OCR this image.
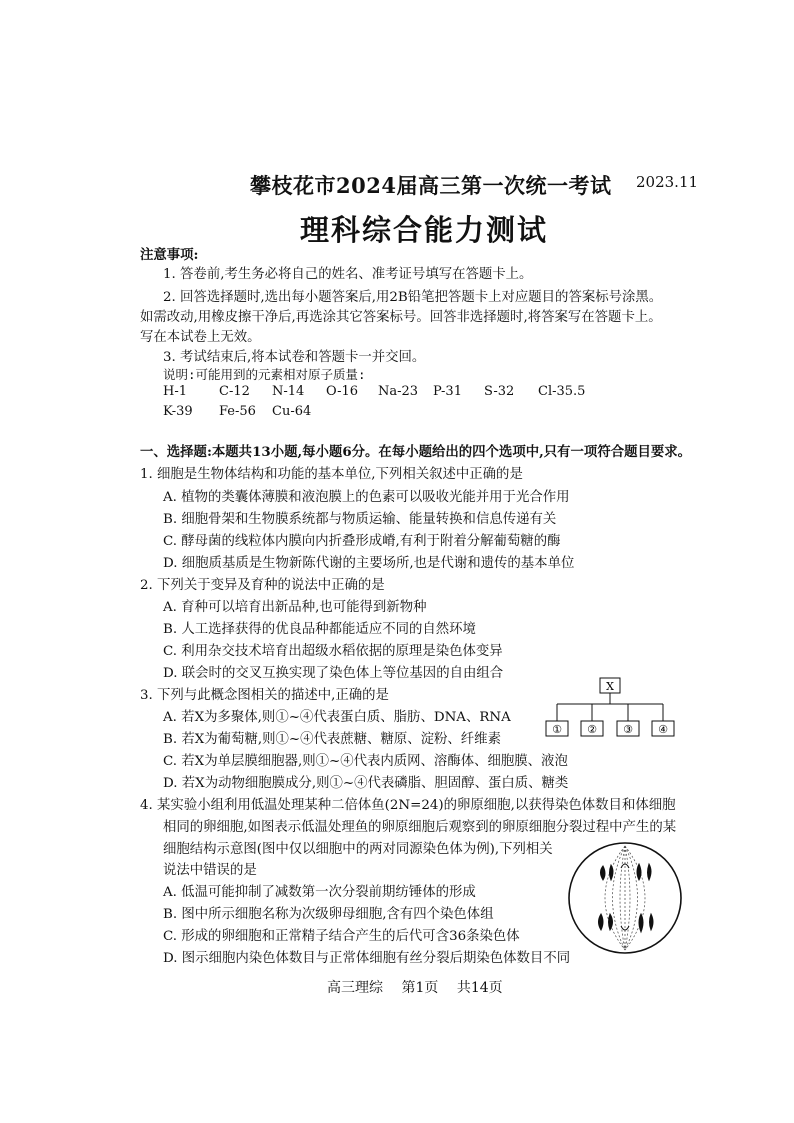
攀枝花市2024届高三第一次统一考试 2023.11
理科综合能力测试
注意事项:
1. 答卷前,考生务必将自己的姓名、准考证号填写在答题卡上。
2. 回答选择题时,选出每小题答案后,用2B铅笔把答题卡上对应题目的答案标号涂黑。
如需改动,用橡皮擦干净后,再选涂其它答案标号。回答非选择题时,将答案写在答题卡上。
写在本试卷上无效。
3. 考试结束后,将本试卷和答题卡一并交回。
说明:可能用到的元素相对原子质量:
H-1 C-12 N-14 O-16 Na-23 P-31 S-32 Cl-35.5
K-39 Fe-56 Cu-64
一、选择题:本题共13小题,每小题6分。在每小题给出的四个选项中,只有一项符合题目要求。
1. 细胞是生物体结构和功能的基本单位,下列相关叙述中正确的是
A. 植物的类囊体薄膜和液泡膜上的色素可以吸收光能并用于光合作用
B. 细胞骨架和生物膜系统都与物质运输、能量转换和信息传递有关
C. 酵母菌的线粒体内膜向内折叠形成嵴,有利于附着分解葡萄糖的酶
D. 细胞质基质是生物新陈代谢的主要场所,也是代谢和遗传的基本单位
2. 下列关于变异及育种的说法中正确的是
A. 育种可以培育出新品种,也可能得到新物种
B. 人工选择获得的优良品种都能适应不同的自然环境
C. 利用杂交技术培育出超级水稻依据的原理是染色体变异
D. 联会时的交叉互换实现了染色体上等位基因的自由组合
3. 下列与此概念图相关的描述中,正确的是
A. 若X为多聚体,则①~④代表蛋白质、脂肪、DNA、RNA
B. 若X为葡萄糖,则①~④代表蔗糖、糖原、淀粉、纤维素
C. 若X为单层膜细胞器,则①~④代表内质网、溶酶体、细胞膜、液泡
D. 若X为动物细胞膜成分,则①~④代表磷脂、胆固醇、蛋白质、糖类
X
① ② ③ ④
4. 某实验小组利用低温处理某种二倍体鱼(2N=24)的卵原细胞,以获得染色体数目和体细胞
相同的卵细胞,如图表示低温处理鱼的卵原细胞后观察到的卵原细胞分裂过程中产生的某
细胞结构示意图(图中仅以细胞中的两对同源染色体为例),下列相关
说法中错误的是
A. 低温可能抑制了减数第一次分裂前期纺锤体的形成
B. 图中所示细胞名称为次级卵母细胞,含有四个染色体组
C. 形成的卵细胞和正常精子结合产生的后代可含36条染色体
D. 图示细胞内染色体数目与正常体细胞有丝分裂后期染色体数目不同
高三理综 第1页 共14页
